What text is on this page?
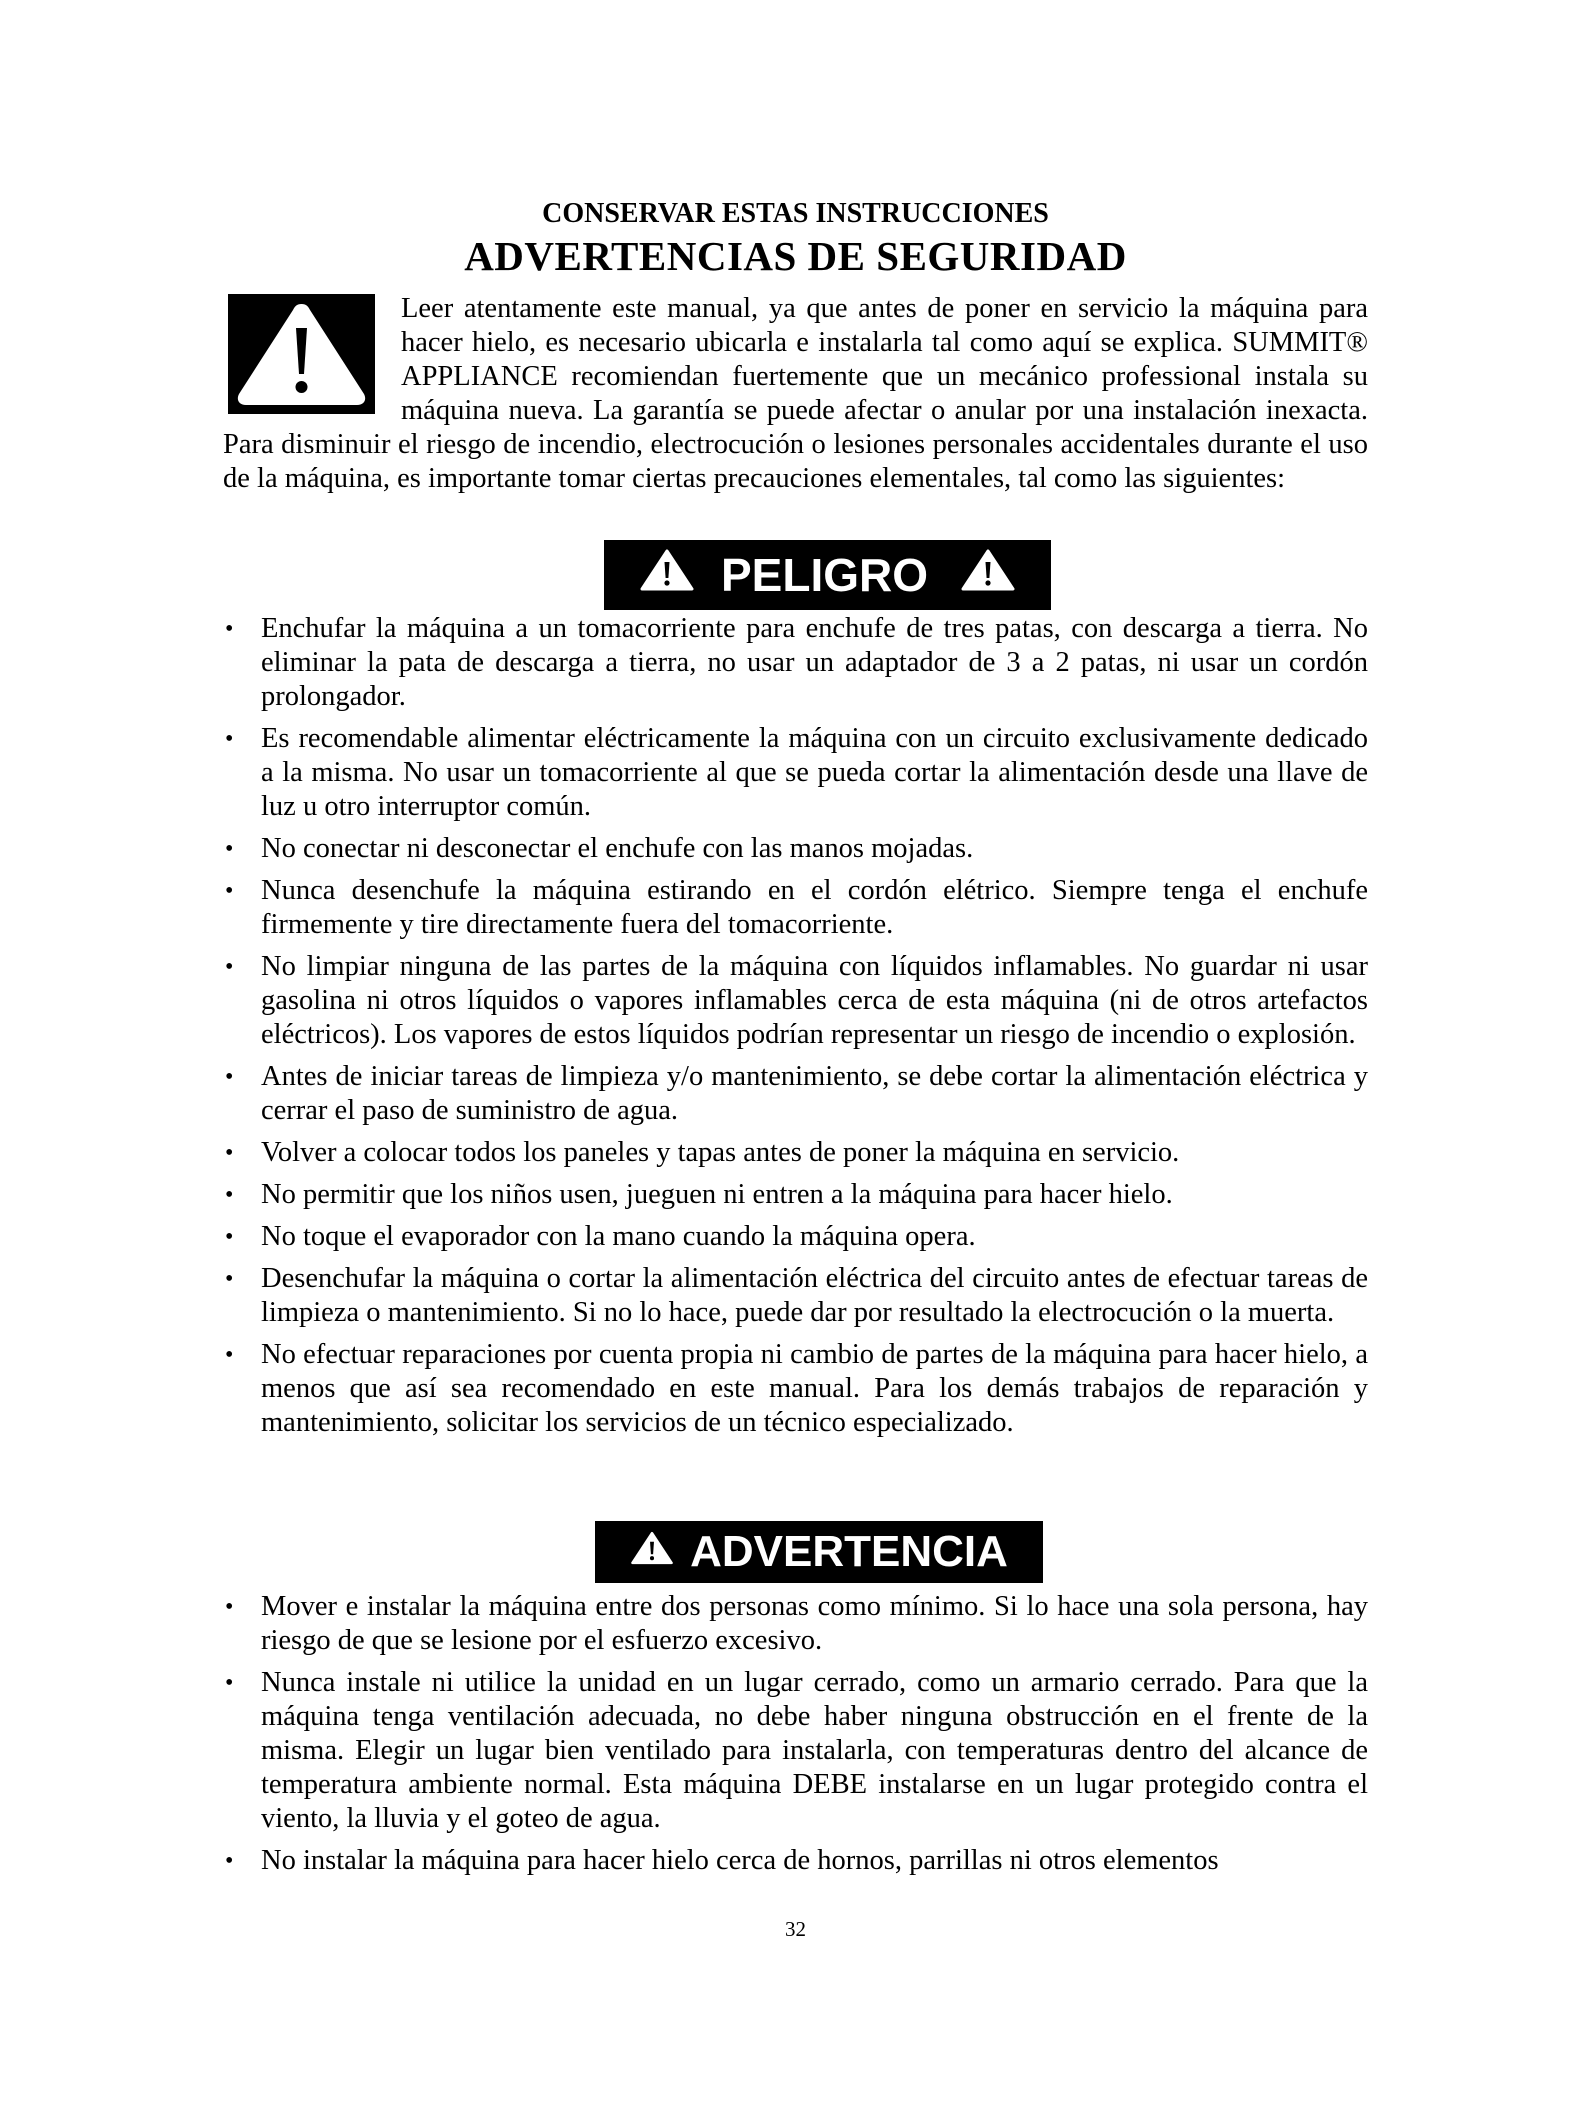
CONSERVAR ESTAS INSTRUCCIONES
ADVERTENCIAS DE SEGURIDAD
Leer atentamente este manual, ya que antes de poner en servicio la máquina para hacer hielo, es necesario ubicarla e instalarla tal como aquí se explica. SUMMIT® APPLIANCE recomiendan fuertemente que un mecánico professional instala su máquina nueva. La garantía se puede afectar o anular por una instalación inexacta. Para disminuir el riesgo de incendio, electrocución o lesiones personales accidentales durante el uso de la máquina, es importante tomar ciertas precauciones elementales, tal como las siguientes:
PELIGRO
• Enchufar la máquina a un tomacorriente para enchufe de tres patas, con descarga a tierra. No eliminar la pata de descarga a tierra, no usar un adaptador de 3 a 2 patas, ni usar un cordón prolongador.
• Es recomendable alimentar eléctricamente la máquina con un circuito exclusivamente dedicado a la misma. No usar un tomacorriente al que se pueda cortar la alimentación desde una llave de luz u otro interruptor común.
• No conectar ni desconectar el enchufe con las manos mojadas.
• Nunca desenchufe la máquina estirando en el cordón elétrico. Siempre tenga el enchufe firmemente y tire directamente fuera del tomacorriente.
• No limpiar ninguna de las partes de la máquina con líquidos inflamables. No guardar ni usar gasolina ni otros líquidos o vapores inflamables cerca de esta máquina (ni de otros artefactos eléctricos). Los vapores de estos líquidos podrían representar un riesgo de incendio o explosión.
• Antes de iniciar tareas de limpieza y/o mantenimiento, se debe cortar la alimentación eléctrica y cerrar el paso de suministro de agua.
• Volver a colocar todos los paneles y tapas antes de poner la máquina en servicio.
• No permitir que los niños usen, jueguen ni entren a la máquina para hacer hielo.
• No toque el evaporador con la mano cuando la máquina opera.
• Desenchufar la máquina o cortar la alimentación eléctrica del circuito antes de efectuar tareas de limpieza o mantenimiento. Si no lo hace, puede dar por resultado la electrocución o la muerta.
• No efectuar reparaciones por cuenta propia ni cambio de partes de la máquina para hacer hielo, a menos que así sea recomendado en este manual. Para los demás trabajos de reparación y mantenimiento, solicitar los servicios de un técnico especializado.
ADVERTENCIA
• Mover e instalar la máquina entre dos personas como mínimo. Si lo hace una sola persona, hay riesgo de que se lesione por el esfuerzo excesivo.
• Nunca instale ni utilice la unidad en un lugar cerrado, como un armario cerrado. Para que la máquina tenga ventilación adecuada, no debe haber ninguna obstrucción en el frente de la misma. Elegir un lugar bien ventilado para instalarla, con temperaturas dentro del alcance de temperatura ambiente normal. Esta máquina DEBE instalarse en un lugar protegido contra el viento, la lluvia y el goteo de agua.
• No instalar la máquina para hacer hielo cerca de hornos, parrillas ni otros elementos
32
